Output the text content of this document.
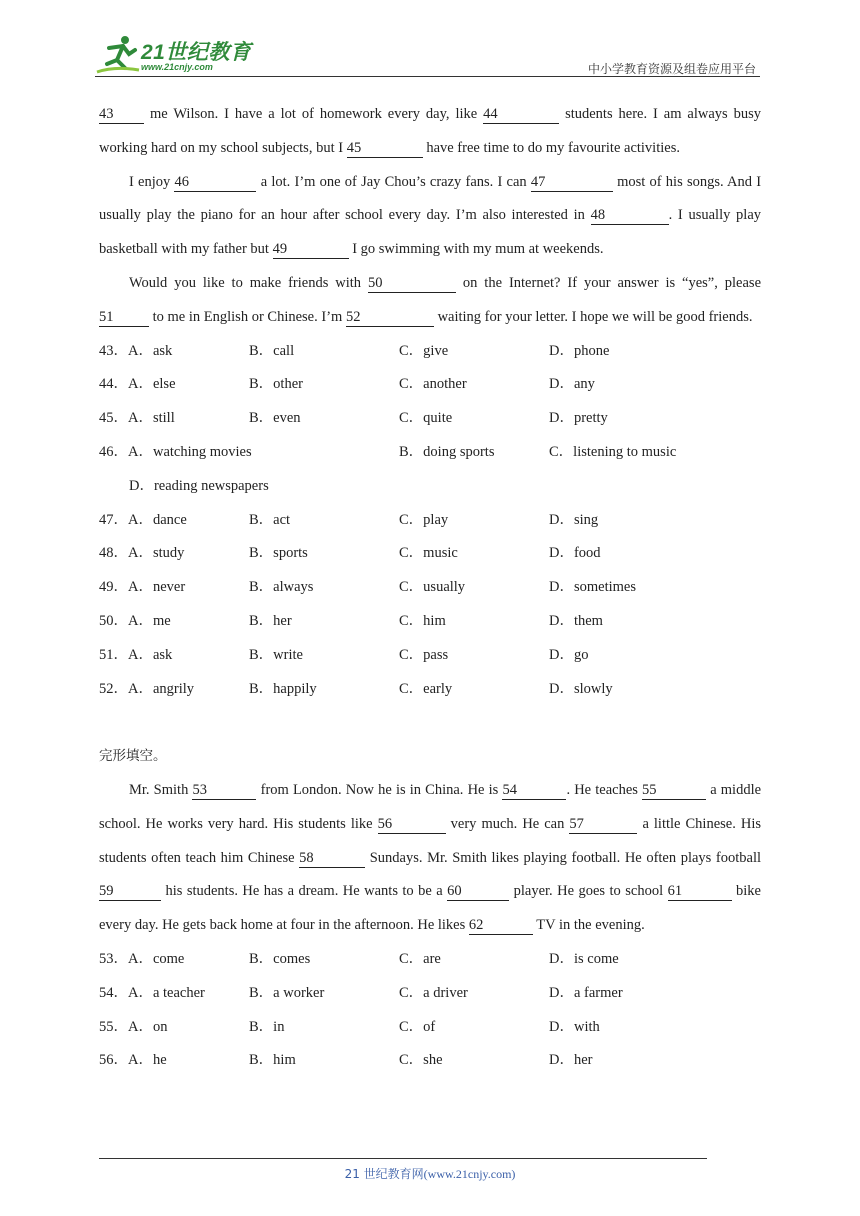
21世纪教育
www.21cnjy.com	中小学教育资源及组卷应用平台

43	me Wilson. I have a lot of homework every day, like 44	students here. I am always busy working hard on my school subjects, but I 45	have free time to do my favourite activities.

I enjoy 46	a lot. I’m one of Jay Chou’s crazy fans. I can 47	most of his songs. And I usually play the piano for an hour after school every day. I’m also interested in 48	. I usually play basketball with my father but 49	I go swimming with my mum at weekends.

Would you like to make friends with 50	on the Internet? If your answer is “yes”, please 51	to me in English or Chinese. I’m 52	waiting for your letter. I hope we will be good friends.

43．A．ask	B．call	C．give	D．phone
44．A．else	B．other	C．another	D．any
45．A．still	B．even	C．quite	D．pretty
46．A．watching movies	B．doing sports	C．listening to music
D．reading newspapers
47．A．dance	B．act	C．play	D．sing
48．A．study	B．sports	C．music	D．food
49．A．never	B．always	C．usually	D．sometimes
50．A．me	B．her	C．him	D．them
51．A．ask	B．write	C．pass	D．go
52．A．angrily	B．happily	C．early	D．slowly
完形填空。

Mr. Smith 53	from London. Now he is in China. He is 54	. He teaches 55	a middle school. He works very hard. His students like 56	very much. He can 57	a little Chinese. His students often teach him Chinese 58	Sundays. Mr. Smith likes playing football. He often plays football 59	his students. He has a dream. He wants to be a 60	player. He goes to school 61	bike every day. He gets back home at four in the afternoon. He likes 62	TV in the evening.

53．A．come	B．comes	C．are	D．is come
54．A．a teacher	B．a worker	C．a driver	D．a farmer
55．A．on	B．in	C．of	D．with
56．A．he	B．him	C．she	D．her
21 世纪教育网(www.21cnjy.com)
